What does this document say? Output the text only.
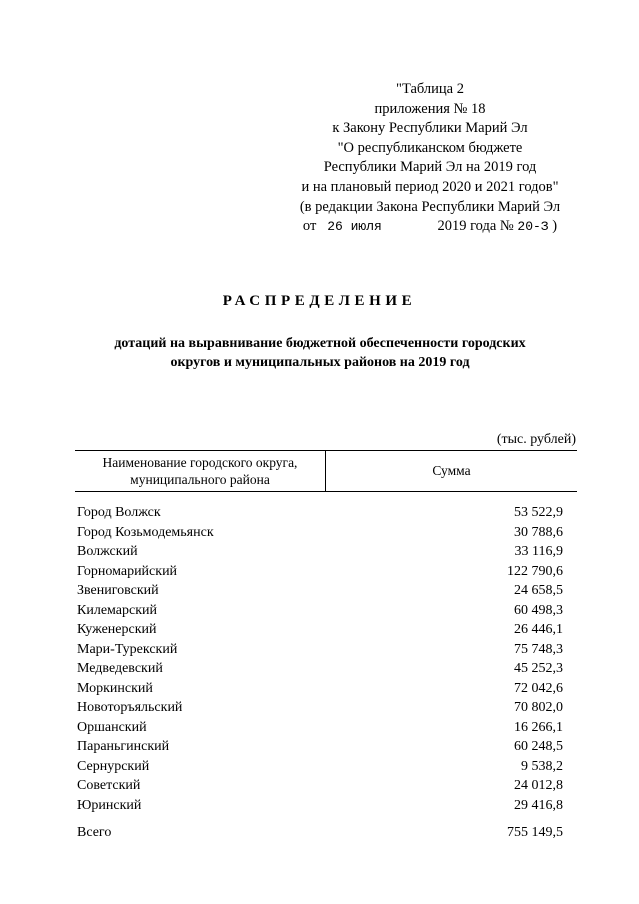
"Таблица 2
приложения № 18
к Закону Республики Марий Эл
"О республиканском бюджете
Республики Марий Эл на 2019 год
и на плановый период 2020 и 2021 годов"
(в редакции Закона Республики Марий Эл
от 26 июля	2019 года № 20-З )
РАСПРЕДЕЛЕНИЕ
дотаций на выравнивание бюджетной обеспеченности городских
округов и муниципальных районов на 2019 год
(тыс. рублей)
Наименование городского округа,
муниципального района
Сумма
Город Волжск	53 522,9
Город Козьмодемьянск	30 788,6
Волжский	33 116,9
Горномарийский	122 790,6
Звениговский	24 658,5
Килемарский	60 498,3
Куженерский	26 446,1
Мари-Турекский	75 748,3
Медведевский	45 252,3
Моркинский	72 042,6
Новоторъяльский	70 802,0
Оршанский	16 266,1
Параньгинский	60 248,5
Сернурский	9 538,2
Советский	24 012,8
Юринский	29 416,8
Всего	755 149,5
